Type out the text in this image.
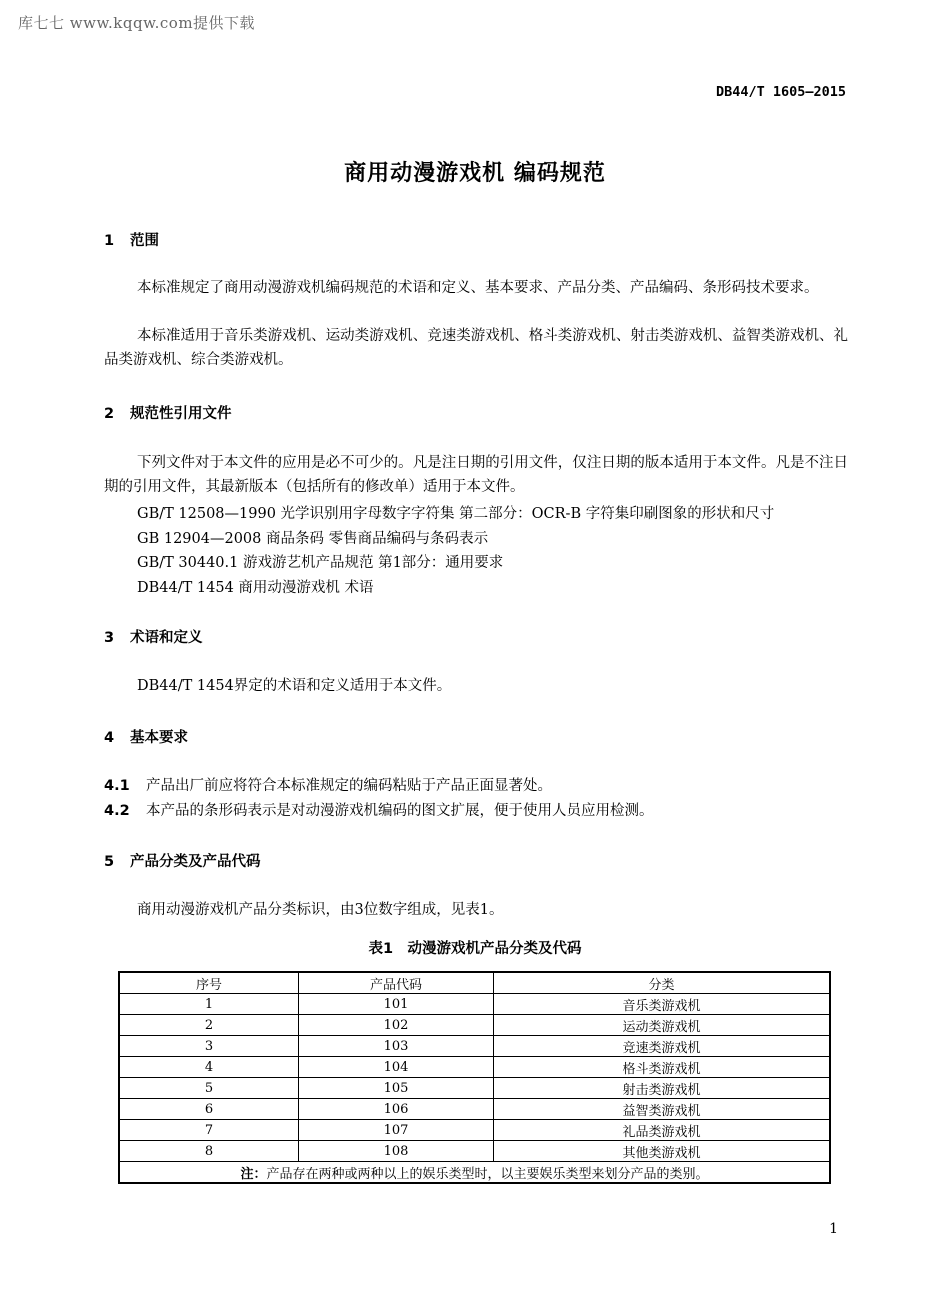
库七七 www.kqqw.com提供下载
DB44/T 1605—2015
商用动漫游戏机 编码规范
1 范围
本标准规定了商用动漫游戏机编码规范的术语和定义、基本要求、产品分类、产品编码、条形码技术要求。
本标准适用于音乐类游戏机、运动类游戏机、竞速类游戏机、格斗类游戏机、射击类游戏机、益智类游戏机、礼品类游戏机、综合类游戏机。
2 规范性引用文件
下列文件对于本文件的应用是必不可少的。凡是注日期的引用文件，仅注日期的版本适用于本文件。凡是不注日期的引用文件，其最新版本（包括所有的修改单）适用于本文件。
GB/T 12508—1990 光学识别用字母数字字符集 第二部分：OCR-B 字符集印刷图象的形状和尺寸
GB 12904—2008 商品条码 零售商品编码与条码表示
GB/T 30440.1 游戏游艺机产品规范 第1部分：通用要求
DB44/T 1454 商用动漫游戏机 术语
3 术语和定义
DB44/T 1454界定的术语和定义适用于本文件。
4 基本要求
4.1 产品出厂前应将符合本标准规定的编码粘贴于产品正面显著处。
4.2 本产品的条形码表示是对动漫游戏机编码的图文扩展，便于使用人员应用检测。
5 产品分类及产品代码
商用动漫游戏机产品分类标识，由3位数字组成，见表1。
表1　动漫游戏机产品分类及代码
序号	产品代码	分类
1	101	音乐类游戏机
2	102	运动类游戏机
3	103	竞速类游戏机
4	104	格斗类游戏机
5	105	射击类游戏机
6	106	益智类游戏机
7	107	礼品类游戏机
8	108	其他类游戏机
注：产品存在两种或两种以上的娱乐类型时，以主要娱乐类型来划分产品的类别。		
1
